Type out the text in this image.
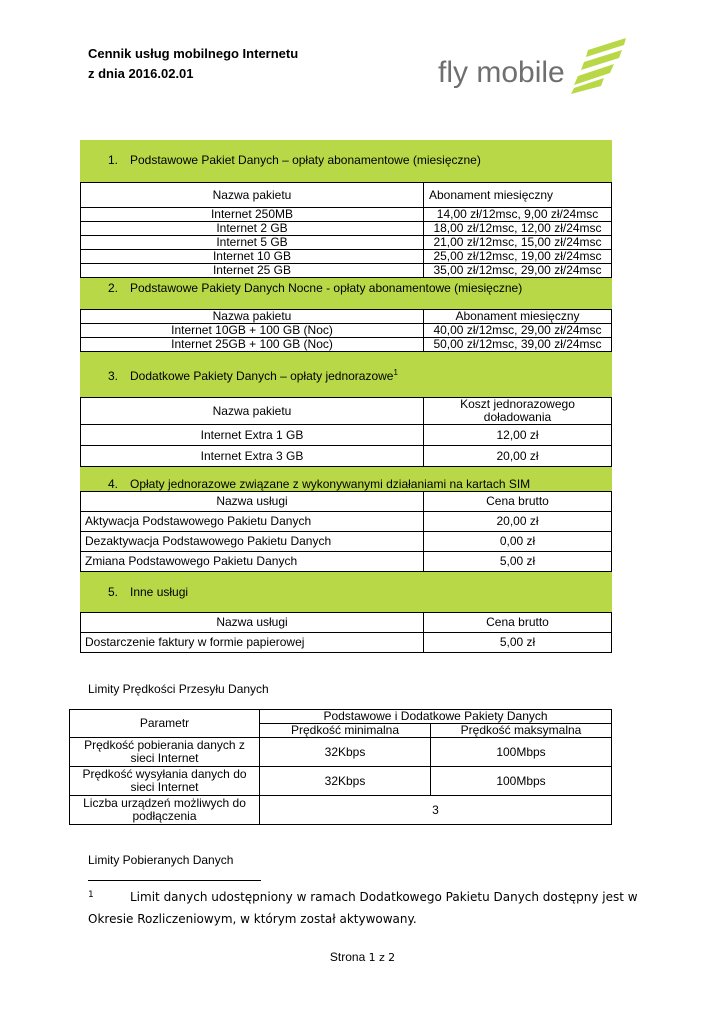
Cennik usług mobilnego Internetu
z dnia 2016.02.01	fly mobile
1. Podstawowe Pakiet Danych – opłaty abonamentowe (miesięczne)
Nazwa pakietu	Abonament miesięczny
Internet 250MB	14,00 zł/12msc, 9,00 zł/24msc
Internet 2 GB	18,00 zł/12msc, 12,00 zł/24msc
Internet 5 GB	21,00 zł/12msc, 15,00 zł/24msc
Internet 10 GB	25,00 zł/12msc, 19,00 zł/24msc
Internet 25 GB	35,00 zł/12msc, 29,00 zł/24msc
2. Podstawowe Pakiety Danych Nocne - opłaty abonamentowe (miesięczne)
Nazwa pakietu	Abonament miesięczny
Internet 10GB + 100 GB (Noc)	40,00 zł/12msc, 29,00 zł/24msc
Internet 25GB + 100 GB (Noc)	50,00 zł/12msc, 39,00 zł/24msc
3. Dodatkowe Pakiety Danych – opłaty jednorazowe$^1$
Nazwa pakietu	Koszt jednorazowego doładowania
Internet Extra 1 GB	12,00 zł
Internet Extra 3 GB	20,00 zł
4. Opłaty jednorazowe związane z wykonywanymi działaniami na kartach SIM
Nazwa usługi	Cena brutto
Aktywacja Podstawowego Pakietu Danych	20,00 zł
Dezaktywacja Podstawowego Pakietu Danych	0,00 zł
Zmiana Podstawowego Pakietu Danych	5,00 zł
5. Inne usługi
Nazwa usługi	Cena brutto
Dostarczenie faktury w formie papierowej	5,00 zł
Limity Prędkości Przesyłu Danych
Parametr	Podstawowe i Dodatkowe Pakiety Danych	
	Prędkość minimalna	Prędkość maksymalna
Prędkość pobierania danych z sieci Internet	32Kbps	100Mbps
Prędkość wysyłania danych do sieci Internet	32Kbps	100Mbps
Liczba urządzeń możliwych do podłączenia	3	
Limity Pobieranych Danych
1	Limit danych udostępniony w ramach Dodatkowego Pakietu Danych dostępny jest w Okresie Rozliczeniowym, w którym został aktywowany.
Strona 1 z 2
